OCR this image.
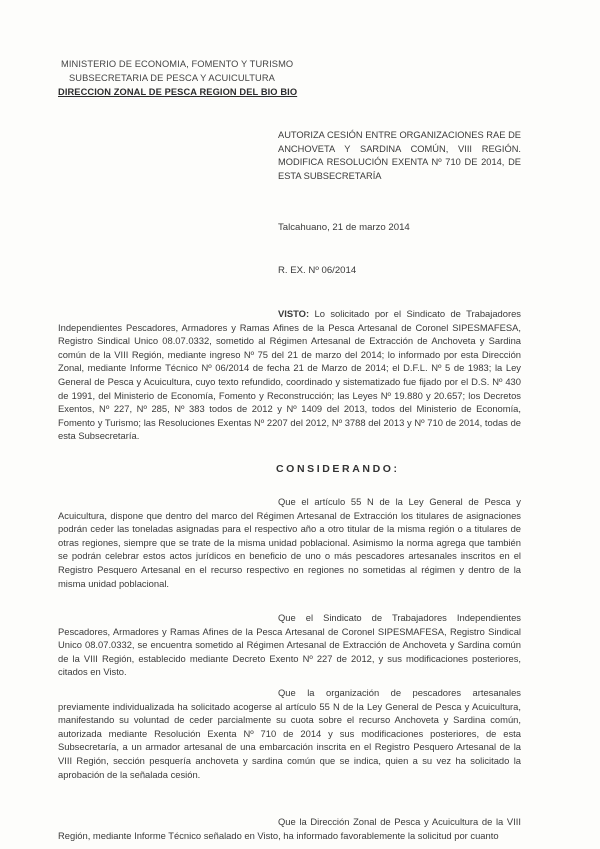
MINISTERIO DE ECONOMIA, FOMENTO Y TURISMO
SUBSECRETARIA DE PESCA Y ACUICULTURA
DIRECCION ZONAL DE PESCA REGION DEL BIO BIO
AUTORIZA CESIÓN ENTRE ORGANIZACIONES RAE DE ANCHOVETA Y SARDINA COMÚN, VIII REGIÓN. MODIFICA RESOLUCIÓN EXENTA Nº 710 DE 2014, DE ESTA SUBSECRETARÍA
Talcahuano, 21 de marzo 2014
R. EX. Nº 06/2014
VISTO: Lo solicitado por el Sindicato de Trabajadores Independientes Pescadores, Armadores y Ramas Afines de la Pesca Artesanal de Coronel SIPESMAFESA, Registro Sindical Unico 08.07.0332, sometido al Régimen Artesanal de Extracción de Anchoveta y Sardina común de la VIII Región, mediante ingreso Nº 75 del 21 de marzo del 2014; lo informado por esta Dirección Zonal, mediante Informe Técnico Nº 06/2014 de fecha 21 de Marzo de 2014; el D.F.L. Nº 5 de 1983; la Ley General de Pesca y Acuicultura, cuyo texto refundido, coordinado y sistematizado fue fijado por el D.S. Nº 430 de 1991, del Ministerio de Economía, Fomento y Reconstrucción; las Leyes Nº 19.880 y 20.657; los Decretos Exentos, Nº 227, Nº 285, Nº 383 todos de 2012 y Nº 1409 del 2013, todos del Ministerio de Economía, Fomento y Turismo; las Resoluciones Exentas Nº 2207 del 2012, Nº 3788 del 2013 y Nº 710 de 2014, todas de esta Subsecretaría.
CONSIDERANDO:
Que el artículo 55 N de la Ley General de Pesca y Acuicultura, dispone que dentro del marco del Régimen Artesanal de Extracción los titulares de asignaciones podrán ceder las toneladas asignadas para el respectivo año a otro titular de la misma región o a titulares de otras regiones, siempre que se trate de la misma unidad poblacional. Asimismo la norma agrega que también se podrán celebrar estos actos jurídicos en beneficio de uno o más pescadores artesanales inscritos en el Registro Pesquero Artesanal en el recurso respectivo en regiones no sometidas al régimen y dentro de la misma unidad poblacional.
Que el Sindicato de Trabajadores Independientes Pescadores, Armadores y Ramas Afines de la Pesca Artesanal de Coronel SIPESMAFESA, Registro Sindical Unico 08.07.0332, se encuentra sometido al Régimen Artesanal de Extracción de Anchoveta y Sardina común de la VIII Región, establecido mediante Decreto Exento Nº 227 de 2012, y sus modificaciones posteriores, citados en Visto.
Que la organización de pescadores artesanales previamente individualizada ha solicitado acogerse al artículo 55 N de la Ley General de Pesca y Acuicultura, manifestando su voluntad de ceder parcialmente su cuota sobre el recurso Anchoveta y Sardina común, autorizada mediante Resolución Exenta Nº 710 de 2014 y sus modificaciones posteriores, de esta Subsecretaría, a un armador artesanal de una embarcación inscrita en el Registro Pesquero Artesanal de la VIII Región, sección pesquería anchoveta y sardina común que se indica, quien a su vez ha solicitado la aprobación de la señalada cesión.
Que la Dirección Zonal de Pesca y Acuicultura de la VIII Región, mediante Informe Técnico señalado en Visto, ha informado favorablemente la solicitud por cuanto
